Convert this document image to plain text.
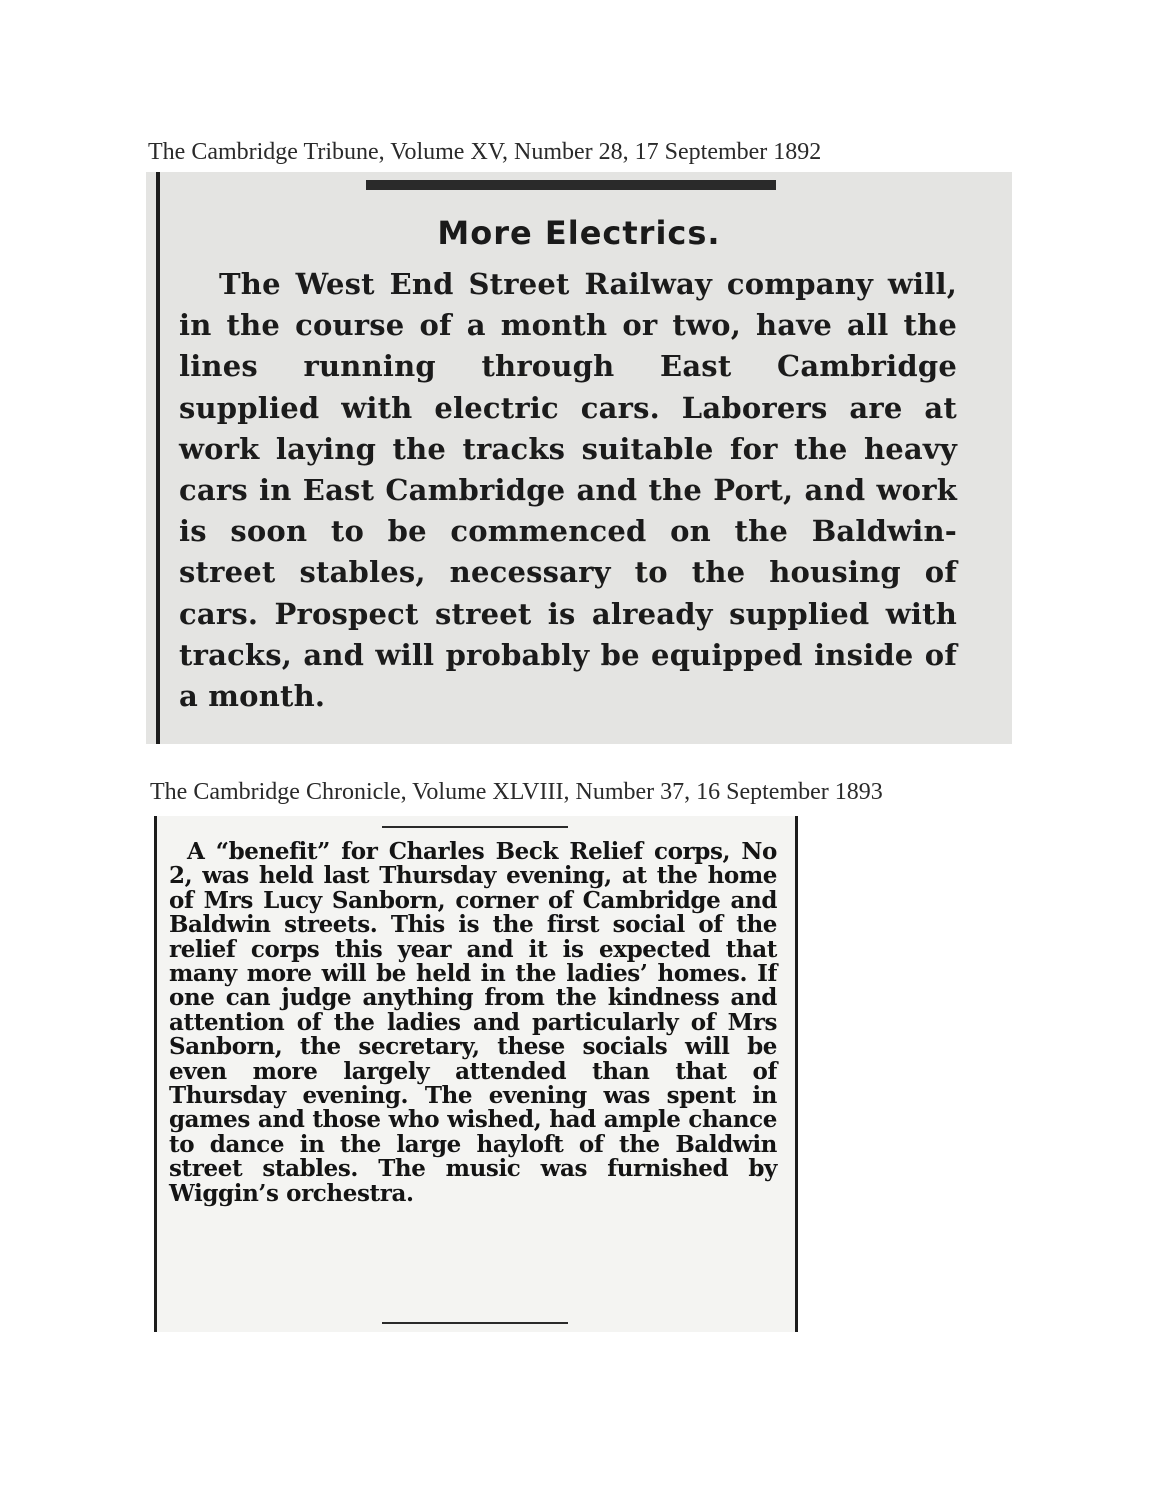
The Cambridge Tribune, Volume XV, Number 28, 17 September 1892
More Electrics.
The West End Street Railway company will, in the course of a month or two, have all the lines running through East Cambridge supplied with electric cars. Laborers are at work laying the tracks suitable for the heavy cars in East Cambridge and the Port, and work is soon to be commenced on the Baldwin-street stables, necessary to the housing of cars. Prospect street is already supplied with tracks, and will probably be equipped inside of a month.
The Cambridge Chronicle, Volume XLVIII, Number 37, 16 September 1893
A “benefit” for Charles Beck Relief corps, No 2, was held last Thursday evening, at the home of Mrs Lucy Sanborn, corner of Cambridge and Baldwin streets. This is the first social of the relief corps this year and it is expected that many more will be held in the ladies’ homes. If one can judge anything from the kindness and attention of the ladies and particularly of Mrs Sanborn, the secretary, these socials will be even more largely attended than that of Thursday evening. The evening was spent in games and those who wished, had ample chance to dance in the large hayloft of the Baldwin street stables. The music was furnished by Wiggin’s orchestra.
